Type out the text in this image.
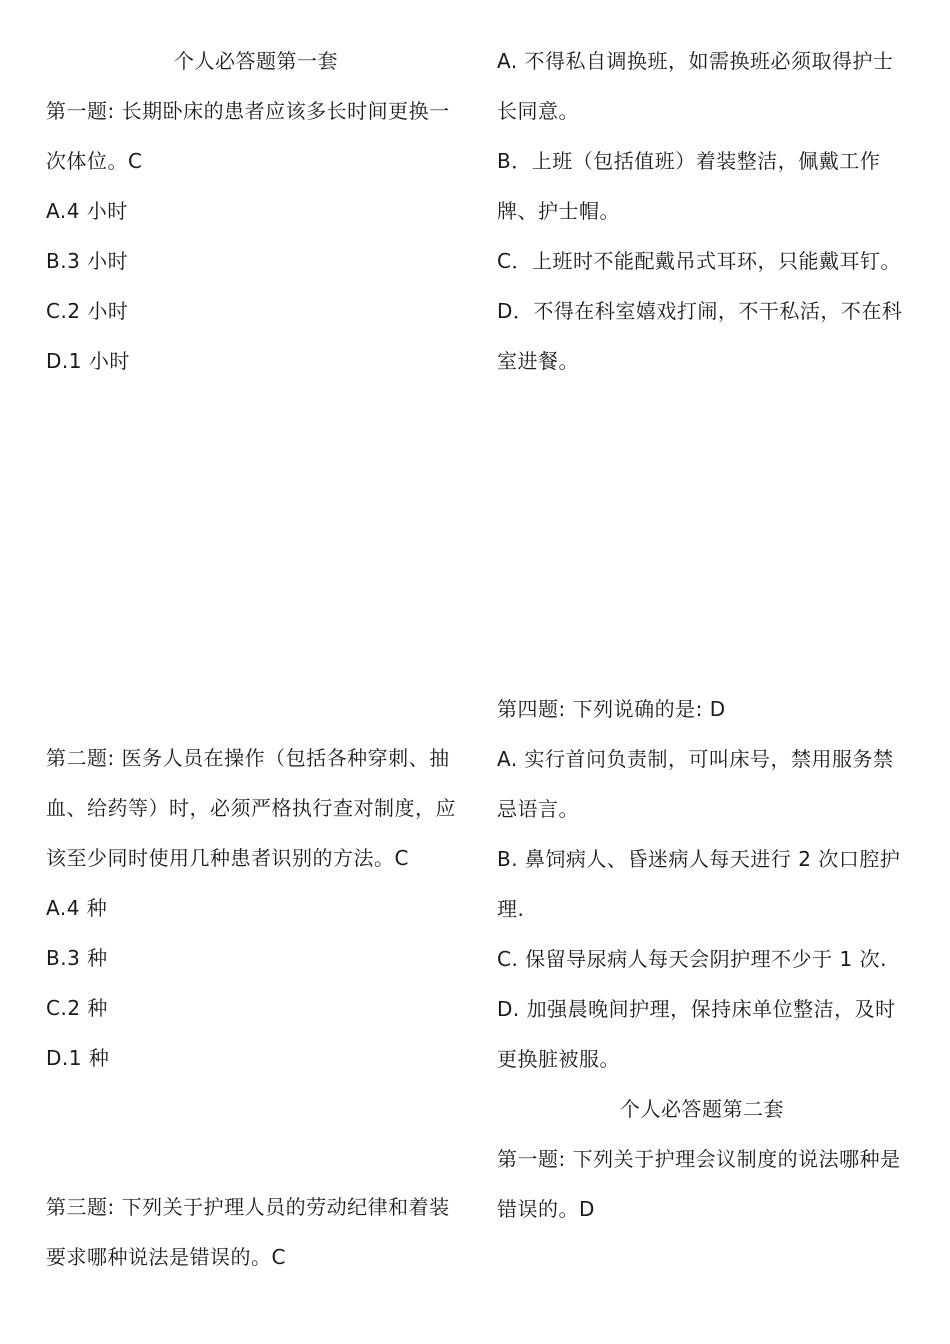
个人必答题第一套

第一题: 长期卧床的患者应该多长时间更换一次体位。C

A.4 小时

B.3 小时

C.2 小时

D.1 小时

第二题: 医务人员在操作（包括各种穿刺、抽血、给药等）时，必须严格执行查对制度，应该至少同时使用几种患者识别的方法。C

A.4 种

B.3 种

C.2 种

D.1 种

第三题: 下列关于护理人员的劳动纪律和着装要求哪种说法是错误的。C

A. 不得私自调换班，如需换班必须取得护士长同意。

B．上班（包括值班）着装整洁，佩戴工作牌、护士帽。

C．上班时不能配戴吊式耳环，只能戴耳钉。

D．不得在科室嬉戏打闹，不干私活，不在科室进餐。

第四题: 下列说确的是: D

A. 实行首问负责制，可叫床号，禁用服务禁忌语言。

B. 鼻饲病人、昏迷病人每天进行 2 次口腔护理.

C. 保留导尿病人每天会阴护理不少于 1 次.

D. 加强晨晚间护理，保持床单位整洁，及时更换脏被服。

个人必答题第二套

第一题: 下列关于护理会议制度的说法哪种是错误的。D
